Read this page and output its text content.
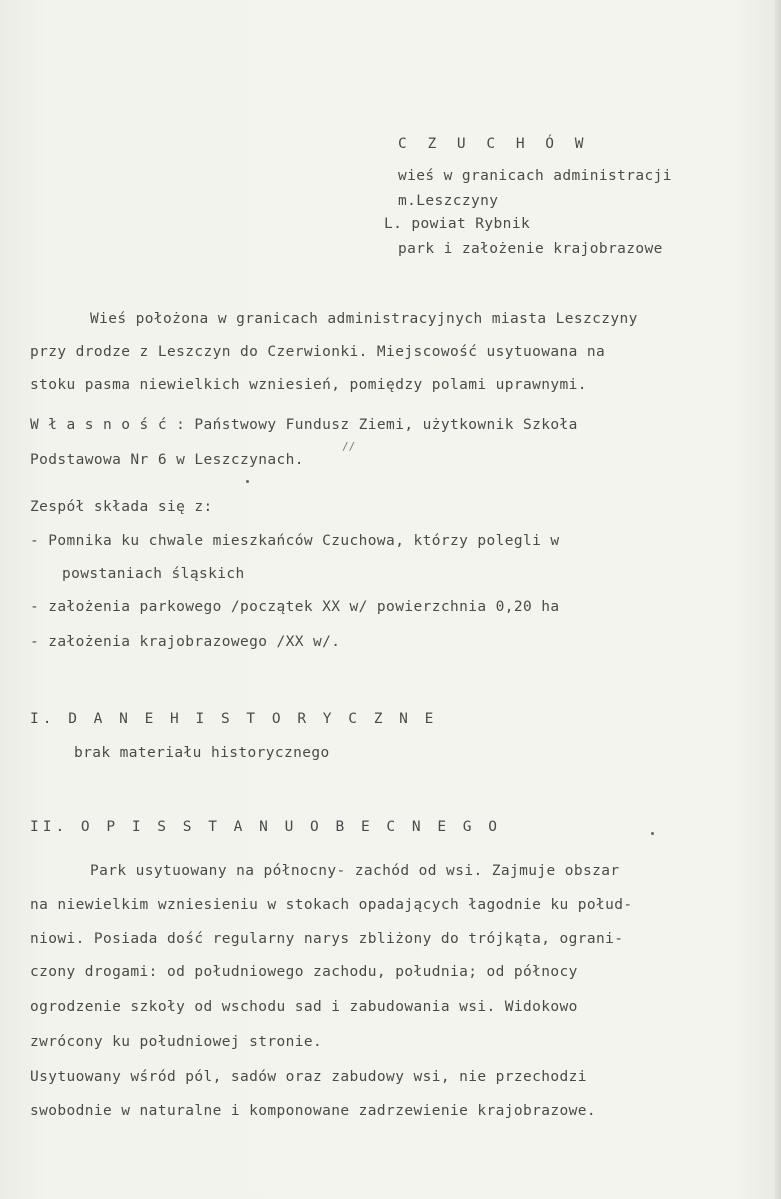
C Z U C H Ó W
wieś w granicach administracji
m.Leszczyny
L. powiat Rybnik
park i założenie krajobrazowe
Wieś położona w granicach administracyjnych miasta Leszczyny
przy drodze z Leszczyn do Czerwionki. Miejscowość usytuowana na
stoku pasma niewielkich wzniesień, pomiędzy polami uprawnymi.
W ł a s n o ś ć : Państwowy Fundusz Ziemi, użytkownik Szkoła
//
Podstawowa Nr 6 w Leszczynach.
Zespół składa się z:
- Pomnika ku chwale mieszkańców Czuchowa, którzy polegli w
powstaniach śląskich
- założenia parkowego /początek XX w/ powierzchnia 0,20 ha
- założenia krajobrazowego /XX w/.
I. D A N E H I S T O R Y C Z N E
brak materiału historycznego
II. O P I S S T A N U O B E C N E G O
Park usytuowany na północny- zachód od wsi. Zajmuje obszar
na niewielkim wzniesieniu w stokach opadających łagodnie ku połud-
niowi. Posiada dość regularny narys zbliżony do trójkąta, ograni-
czony drogami: od południowego zachodu, południa; od północy
ogrodzenie szkoły od wschodu sad i zabudowania wsi. Widokowo
zwrócony ku południowej stronie.
Usytuowany wśród pól, sadów oraz zabudowy wsi, nie przechodzi
swobodnie w naturalne i komponowane zadrzewienie krajobrazowe.
